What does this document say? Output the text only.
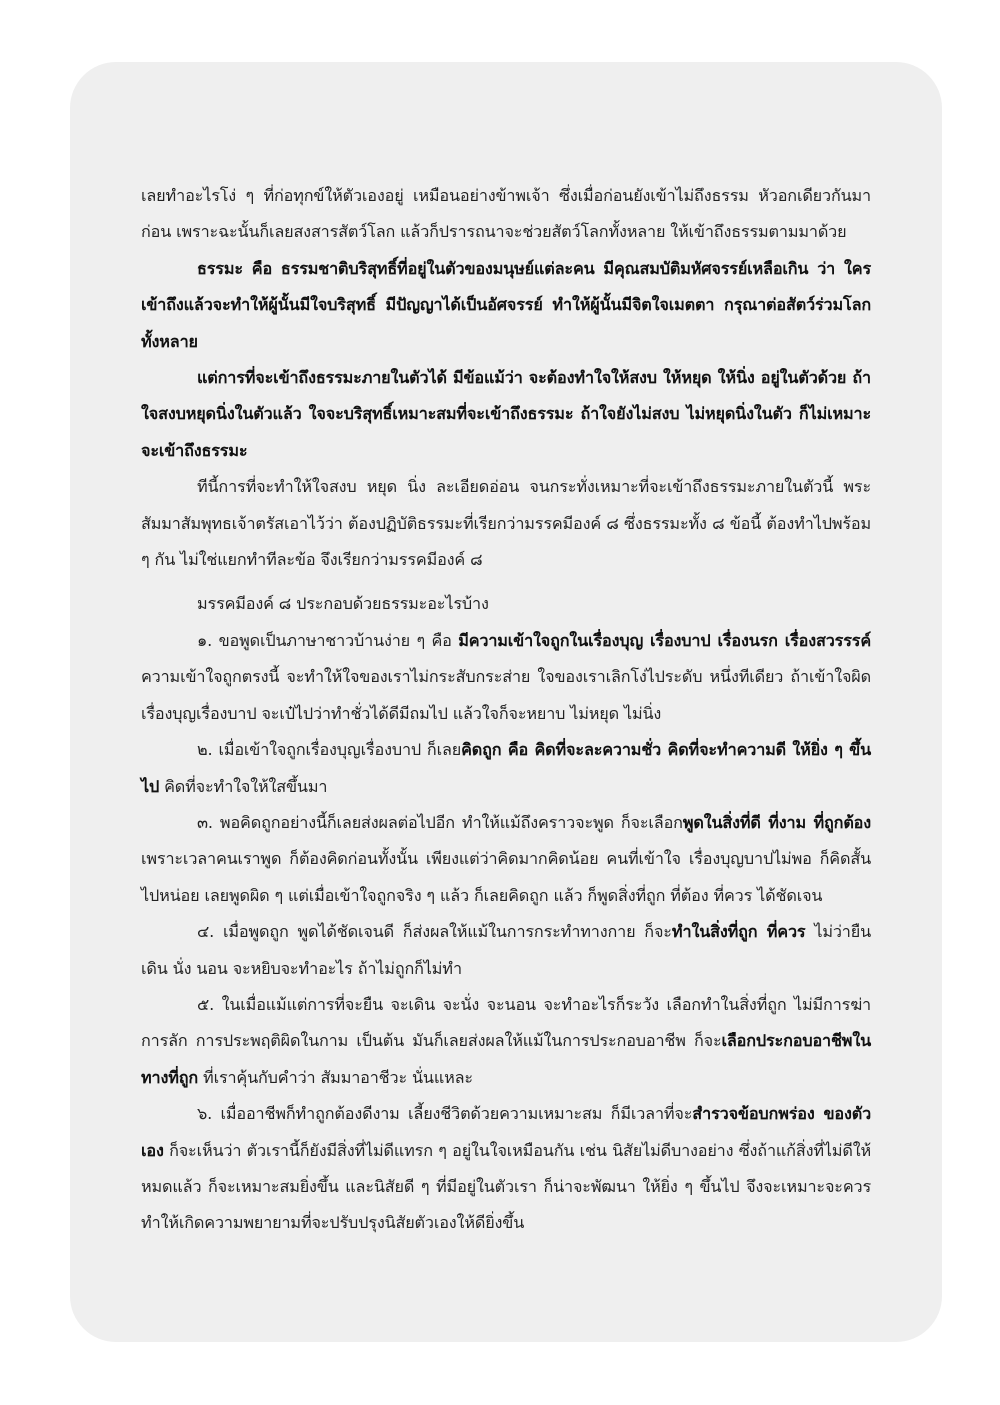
เลยทำอะไรโง่ ๆ ที่ก่อทุกข์ให้ตัวเองอยู่ เหมือนอย่างข้าพเจ้า ซึ่งเมื่อก่อนยังเข้าไม่ถึงธรรม หัวอกเดียวกันมาก่อน เพราะฉะนั้นก็เลยสงสารสัตว์โลก แล้วก็ปรารถนาจะช่วยสัตว์โลกทั้งหลาย ให้เข้าถึงธรรมตามมาด้วย

ธรรมะ คือ ธรรมชาติบริสุทธิ์ที่อยู่ในตัวของมนุษย์แต่ละคน มีคุณสมบัติมหัศจรรย์เหลือเกิน ว่า ใครเข้าถึงแล้วจะทำให้ผู้นั้นมีใจบริสุทธิ์ มีปัญญาได้เป็นอัศจรรย์ ทำให้ผู้นั้นมีจิตใจเมตตา กรุณาต่อสัตว์ร่วมโลกทั้งหลาย

แต่การที่จะเข้าถึงธรรมะภายในตัวได้ มีข้อแม้ว่า จะต้องทำใจให้สงบ ให้หยุด ให้นิ่ง อยู่ในตัวด้วย ถ้าใจสงบหยุดนิ่งในตัวแล้ว ใจจะบริสุทธิ์เหมาะสมที่จะเข้าถึงธรรมะ ถ้าใจยังไม่สงบ ไม่หยุดนิ่งในตัว ก็ไม่เหมาะจะเข้าถึงธรรมะ

ทีนี้การที่จะทำให้ใจสงบ หยุด นิ่ง ละเอียดอ่อน จนกระทั่งเหมาะที่จะเข้าถึงธรรมะภายในตัวนี้ พระสัมมาสัมพุทธเจ้าตรัสเอาไว้ว่า ต้องปฏิบัติธรรมะที่เรียกว่ามรรคมีองค์ ๘ ซึ่งธรรมะทั้ง ๘ ข้อนี้ ต้องทำไปพร้อม ๆ กัน ไม่ใช่แยกทำทีละข้อ จึงเรียกว่ามรรคมีองค์ ๘

มรรคมีองค์ ๘ ประกอบด้วยธรรมะอะไรบ้าง

๑. ขอพูดเป็นภาษาชาวบ้านง่าย ๆ คือ มีความเข้าใจถูกในเรื่องบุญ เรื่องบาป เรื่องนรก เรื่องสวรรรค์ ความเข้าใจถูกตรงนี้ จะทำให้ใจของเราไม่กระสับกระส่าย ใจของเราเลิกโง่ไประดับ หนึ่งทีเดียว ถ้าเข้าใจผิดเรื่องบุญเรื่องบาป จะเป๋ไปว่าทำชั่วได้ดีมีถมไป แล้วใจก็จะหยาบ ไม่หยุด ไม่นิ่ง

๒. เมื่อเข้าใจถูกเรื่องบุญเรื่องบาป ก็เลยคิดถูก คือ คิดที่จะละความชั่ว คิดที่จะทำความดี ให้ยิ่ง ๆ ขึ้นไป คิดที่จะทำใจให้ใสขึ้นมา

๓. พอคิดถูกอย่างนี้ก็เลยส่งผลต่อไปอีก ทำให้แม้ถึงคราวจะพูด ก็จะเลือกพูดในสิ่งที่ดี ที่งาม ที่ถูกต้อง เพราะเวลาคนเราพูด ก็ต้องคิดก่อนทั้งนั้น เพียงแต่ว่าคิดมากคิดน้อย คนที่เข้าใจ เรื่องบุญบาปไม่พอ ก็คิดสั้นไปหน่อย เลยพูดผิด ๆ แต่เมื่อเข้าใจถูกจริง ๆ แล้ว ก็เลยคิดถูก แล้ว ก็พูดสิ่งที่ถูก ที่ต้อง ที่ควร ได้ชัดเจน

๔. เมื่อพูดถูก พูดได้ชัดเจนดี ก็ส่งผลให้แม้ในการกระทำทางกาย ก็จะทำในสิ่งที่ถูก ที่ควร ไม่ว่ายืน เดิน นั่ง นอน จะหยิบจะทำอะไร ถ้าไม่ถูกก็ไม่ทำ

๕. ในเมื่อแม้แต่การที่จะยืน จะเดิน จะนั่ง จะนอน จะทำอะไรก็ระวัง เลือกทำในสิ่งที่ถูก ไม่มีการฆ่า การลัก การประพฤติผิดในกาม เป็นต้น มันก็เลยส่งผลให้แม้ในการประกอบอาชีพ ก็จะเลือกประกอบอาชีพในทางที่ถูก ที่เราคุ้นกับคำว่า สัมมาอาชีวะ นั่นแหละ

๖. เมื่ออาชีพก็ทำถูกต้องดีงาม เลี้ยงชีวิตด้วยความเหมาะสม ก็มีเวลาที่จะสำรวจข้อบกพร่อง ของตัวเอง ก็จะเห็นว่า ตัวเรานี้ก็ยังมีสิ่งที่ไม่ดีแทรก ๆ อยู่ในใจเหมือนกัน เช่น นิสัยไม่ดีบางอย่าง ซึ่งถ้าแก้สิ่งที่ไม่ดีให้หมดแล้ว ก็จะเหมาะสมยิ่งขึ้น และนิสัยดี ๆ ที่มีอยู่ในตัวเรา ก็น่าจะพัฒนา ให้ยิ่ง ๆ ขึ้นไป จึงจะเหมาะจะควร ทำให้เกิดความพยายามที่จะปรับปรุงนิสัยตัวเองให้ดียิ่งขึ้น
